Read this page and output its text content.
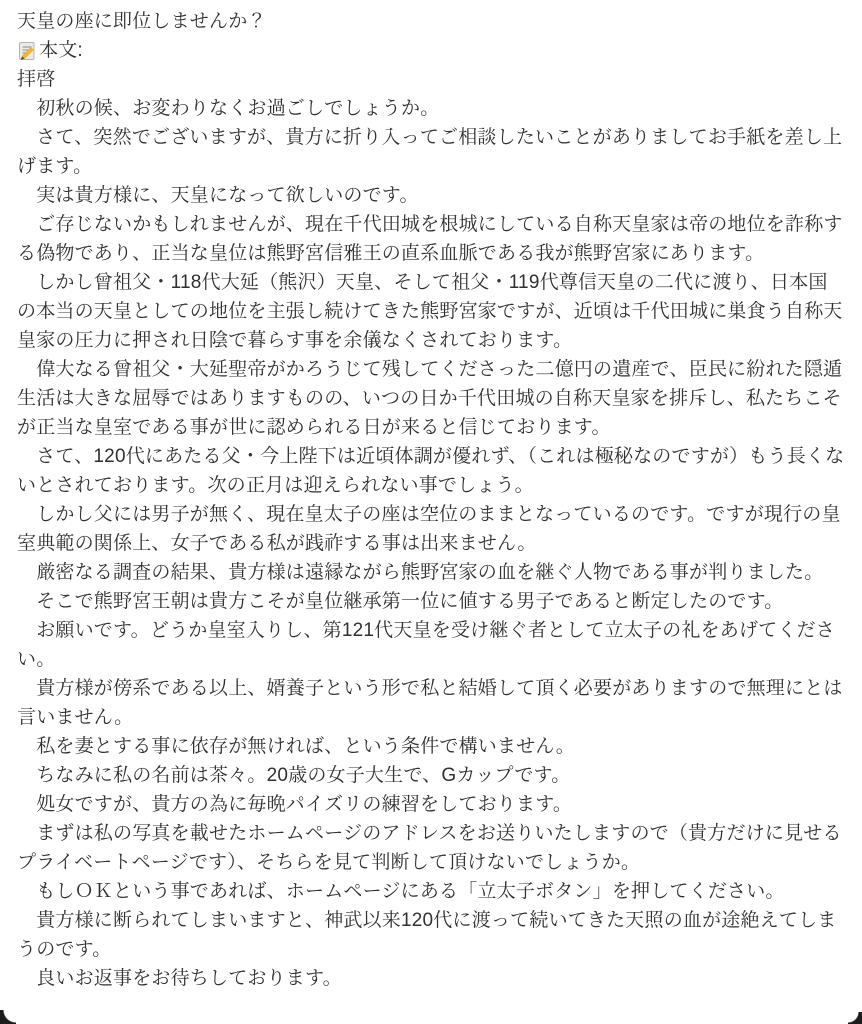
天皇の座に即位しませんか？

本文:

拝啓

　初秋の候、お変わりなくお過ごしでしょうか。

　さて、突然でございますが、貴方に折り入ってご相談したいことがありましてお手紙を差し上げます。

　実は貴方様に、天皇になって欲しいのです。

　ご存じないかもしれませんが、現在千代田城を根城にしている自称天皇家は帝の地位を詐称する偽物であり、正当な皇位は熊野宮信雅王の直系血脈である我が熊野宮家にあります。

　しかし曾祖父・118代大延（熊沢）天皇、そして祖父・119代尊信天皇の二代に渡り、日本国の本当の天皇としての地位を主張し続けてきた熊野宮家ですが、近頃は千代田城に巣食う自称天皇家の圧力に押され日陰で暮らす事を余儀なくされております。

　偉大なる曾祖父・大延聖帝がかろうじて残してくださった二億円の遺産で、臣民に紛れた隠遁生活は大きな屈辱ではありますものの、いつの日か千代田城の自称天皇家を排斥し、私たちこそが正当な皇室である事が世に認められる日が来ると信じております。

　さて、120代にあたる父・今上陛下は近頃体調が優れず、（これは極秘なのですが）もう長くないとされております。次の正月は迎えられない事でしょう。

　しかし父には男子が無く、現在皇太子の座は空位のままとなっているのです。ですが現行の皇室典範の関係上、女子である私が践祚する事は出来ません。

　厳密なる調査の結果、貴方様は遠縁ながら熊野宮家の血を継ぐ人物である事が判りました。

　そこで熊野宮王朝は貴方こそが皇位継承第一位に値する男子であると断定したのです。

　お願いです。どうか皇室入りし、第121代天皇を受け継ぐ者として立太子の礼をあげてください。

　貴方様が傍系である以上、婿養子という形で私と結婚して頂く必要がありますので無理にとは言いません。

　私を妻とする事に依存が無ければ、という条件で構いません。

　ちなみに私の名前は茶々。20歳の女子大生で、Gカップです。

　処女ですが、貴方の為に毎晩パイズリの練習をしております。

　まずは私の写真を載せたホームページのアドレスをお送りいたしますので（貴方だけに見せるプライベートページです）、そちらを見て判断して頂けないでしょうか。

　もしＯＫという事であれば、ホームページにある「立太子ボタン」を押してください。

　貴方様に断られてしまいますと、神武以来120代に渡って続いてきた天照の血が途絶えてしまうのです。

　良いお返事をお待ちしております。
